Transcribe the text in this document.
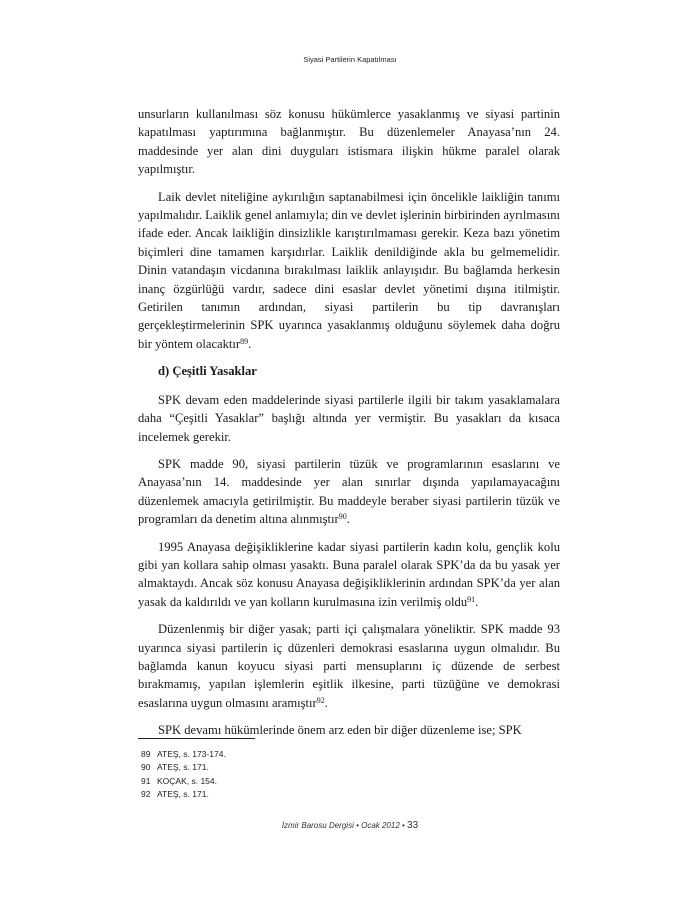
Siyasi Partilerin Kapatılması

unsurların kullanılması söz konusu hükümlerce yasaklanmış ve siyasi partinin kapatılması yaptırımına bağlanmıştır. Bu düzenlemeler Anayasa’nın 24. maddesinde yer alan dini duyguları istismara ilişkin hükme paralel olarak yapılmıştır.

Laik devlet niteliğine aykırılığın saptanabilmesi için öncelikle laikliğin tanımı yapılmalıdır. Laiklik genel anlamıyla; din ve devlet işlerinin birbirinden ayrılmasını ifade eder. Ancak laikliğin dinsizlikle karıştırılmaması gerekir. Keza bazı yönetim biçimleri dine tamamen karşıdırlar. Laiklik denildiğinde akla bu gelmemelidir. Dinin vatandaşın vicdanına bırakılması laiklik anlayışıdır. Bu bağlamda herkesin inanç özgürlüğü vardır, sadece dini esaslar devlet yönetimi dışına itilmiştir. Getirilen tanımın ardından, siyasi partilerin bu tip davranışları gerçekleştirmelerinin SPK uyarınca yasaklanmış olduğunu söylemek daha doğru bir yöntem olacaktır$^{89}$.

d) Çeşitli Yasaklar

SPK devam eden maddelerinde siyasi partilerle ilgili bir takım yasaklamalara daha “Çeşitli Yasaklar” başlığı altında yer vermiştir. Bu yasakları da kısaca incelemek gerekir.

SPK madde 90, siyasi partilerin tüzük ve programlarının esaslarını ve Anayasa’nın 14. maddesinde yer alan sınırlar dışında yapılamayacağını düzenlemek amacıyla getirilmiştir. Bu maddeyle beraber siyasi partilerin tüzük ve programları da denetim altına alınmıştır$^{90}$.

1995 Anayasa değişikliklerine kadar siyasi partilerin kadın kolu, gençlik kolu gibi yan kollara sahip olması yasaktı. Buna paralel olarak SPK’da da bu yasak yer almaktaydı. Ancak söz konusu Anayasa değişikliklerinin ardından SPK’da yer alan yasak da kaldırıldı ve yan kolların kurulmasına izin verilmiş oldu$^{91}$.

Düzenlenmiş bir diğer yasak; parti içi çalışmalara yöneliktir. SPK madde 93 uyarınca siyasi partilerin iç düzenleri demokrasi esaslarına uygun olmalıdır. Bu bağlamda kanun koyucu siyasi parti mensuplarını iç düzende de serbest bırakmamış, yapılan işlemlerin eşitlik ilkesine, parti tüzüğüne ve demokrasi esaslarına uygun olmasını aramıştır$^{92}$.

SPK devamı hükümlerinde önem arz eden bir diğer düzenleme ise; SPK

89 ATEŞ, s. 173-174.
90 ATEŞ, s. 171.
91 KOÇAK, s. 154.
92 ATEŞ, s. 171.
İzmir Barosu Dergisi • Ocak 2012 • 33
